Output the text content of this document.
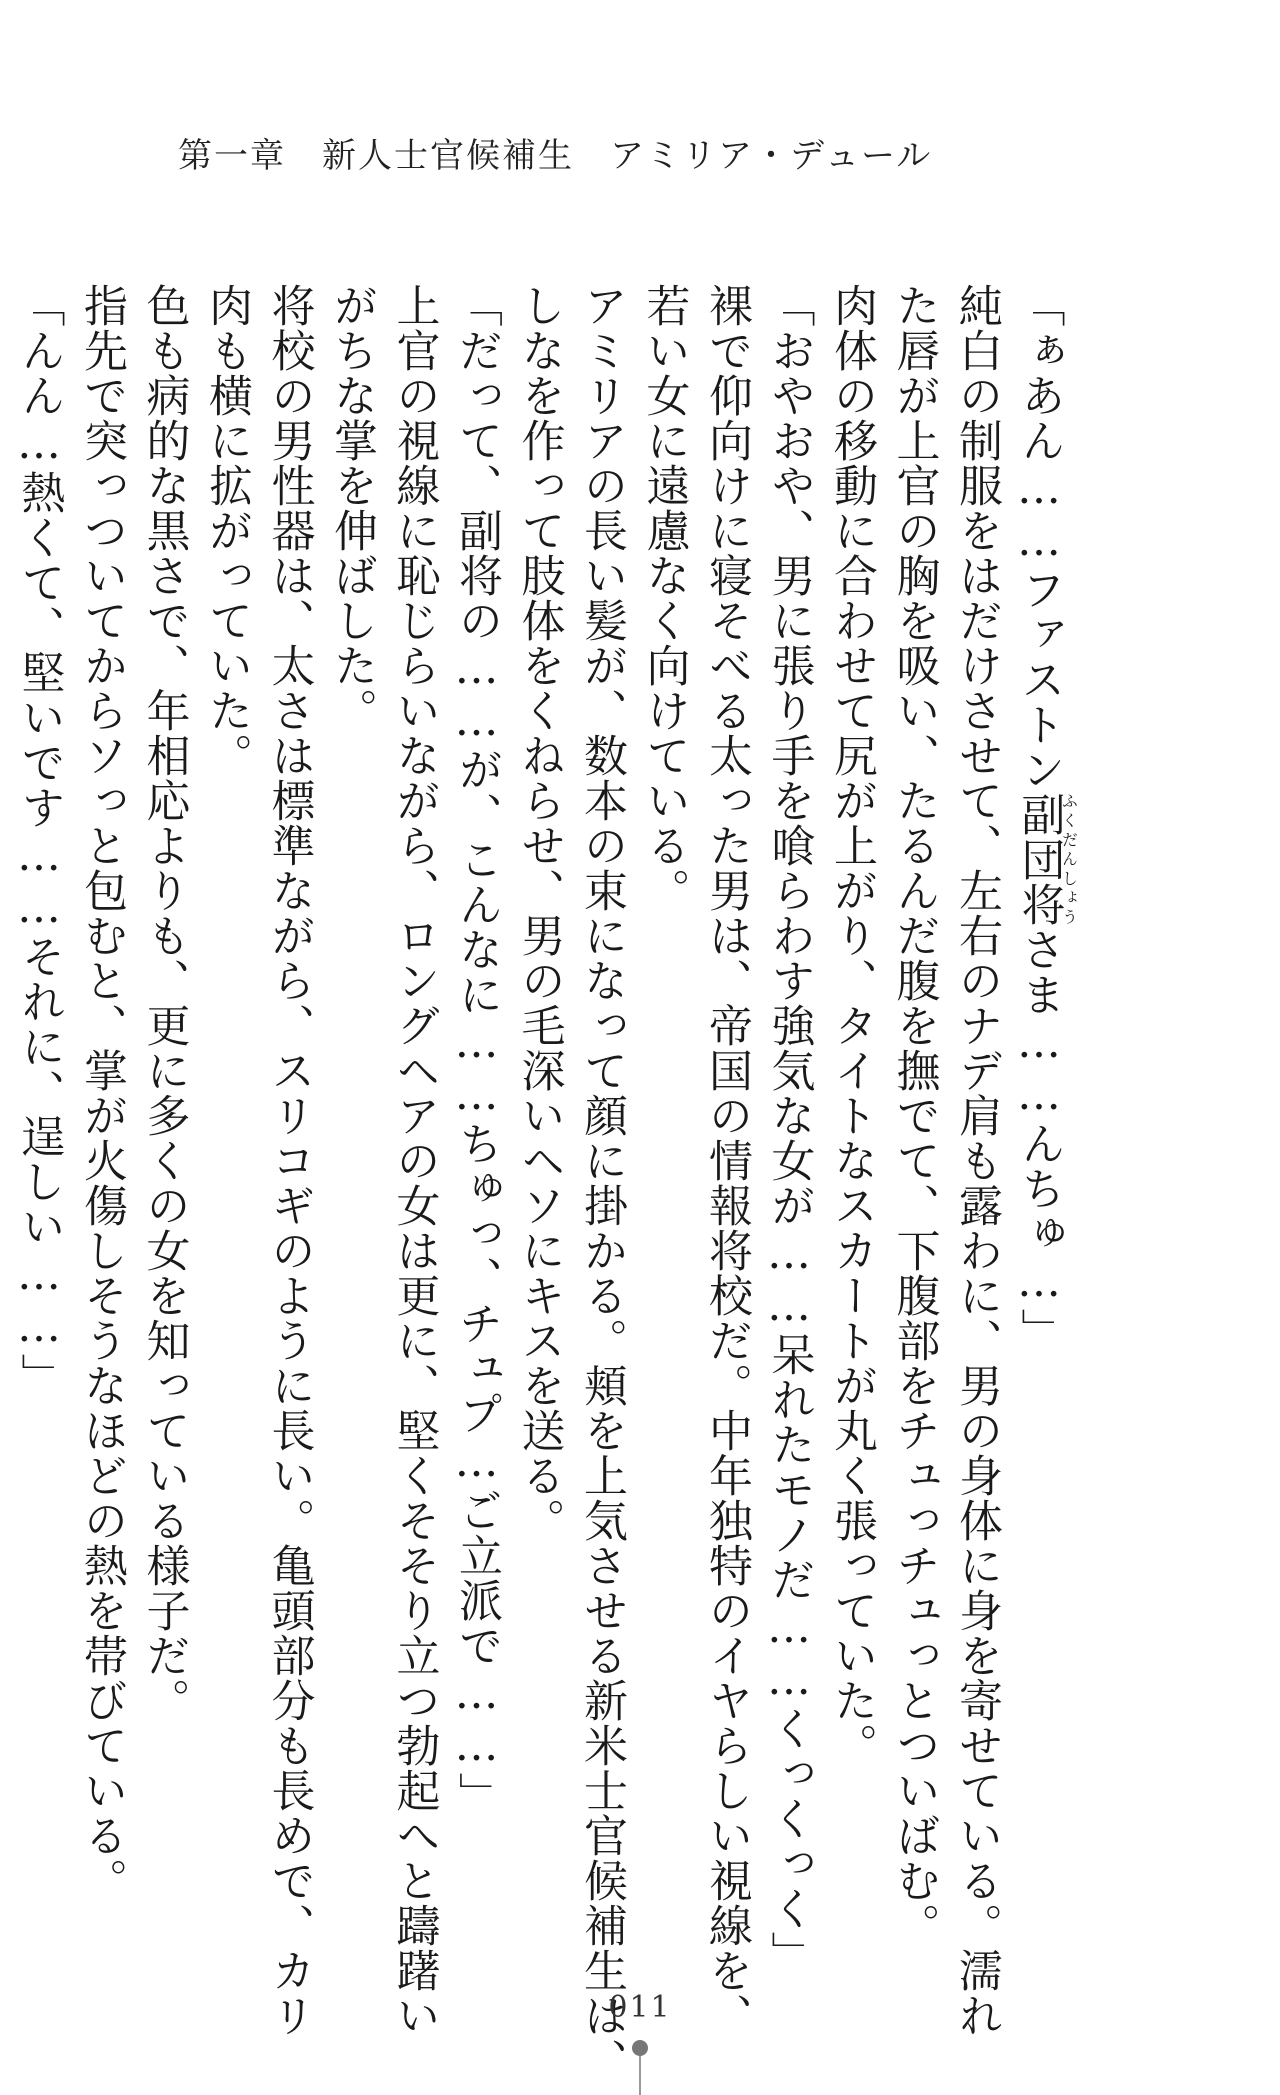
第一章　新人士官候補生　アミリア・デュール
「ぁあん……ファストン副団将ふくだんしょうさま……んちゅ…」
純白の制服をはだけさせて、左右のナデ肩も露わに、男の身体に身を寄せている。濡れ
た唇が上官の胸を吸い、たるんだ腹を撫でて、下腹部をチュっチュっとついばむ。
肉体の移動に合わせて尻が上がり、タイトなスカートが丸く張っていた。
「おやおや、男に張り手を喰らわす強気な女が……呆れたモノだ……くっくっく」
裸で仰向けに寝そべる太った男は、帝国の情報将校だ。中年独特のイヤらしい視線を、
若い女に遠慮なく向けている。
アミリアの長い髪が、数本の束になって顔に掛かる。頬を上気させる新米士官候補生は、
しなを作って肢体をくねらせ、男の毛深いヘソにキスを送る。
「だって、副将の……が、こんなに……ちゅっ、チュプ…ご立派で……」
上官の視線に恥じらいながら、ロングヘアの女は更に、堅くそそり立つ勃起へと躊躇い
がちな掌を伸ばした。
将校の男性器は、太さは標準ながら、スリコギのように長い。亀頭部分も長めで、カリ
肉も横に拡がっていた。
色も病的な黒さで、年相応よりも、更に多くの女を知っている様子だ。
指先で突っついてからソっと包むと、掌が火傷しそうなほどの熱を帯びている。
「んん…熱くて、堅いです……それに、逞しい……」
011
